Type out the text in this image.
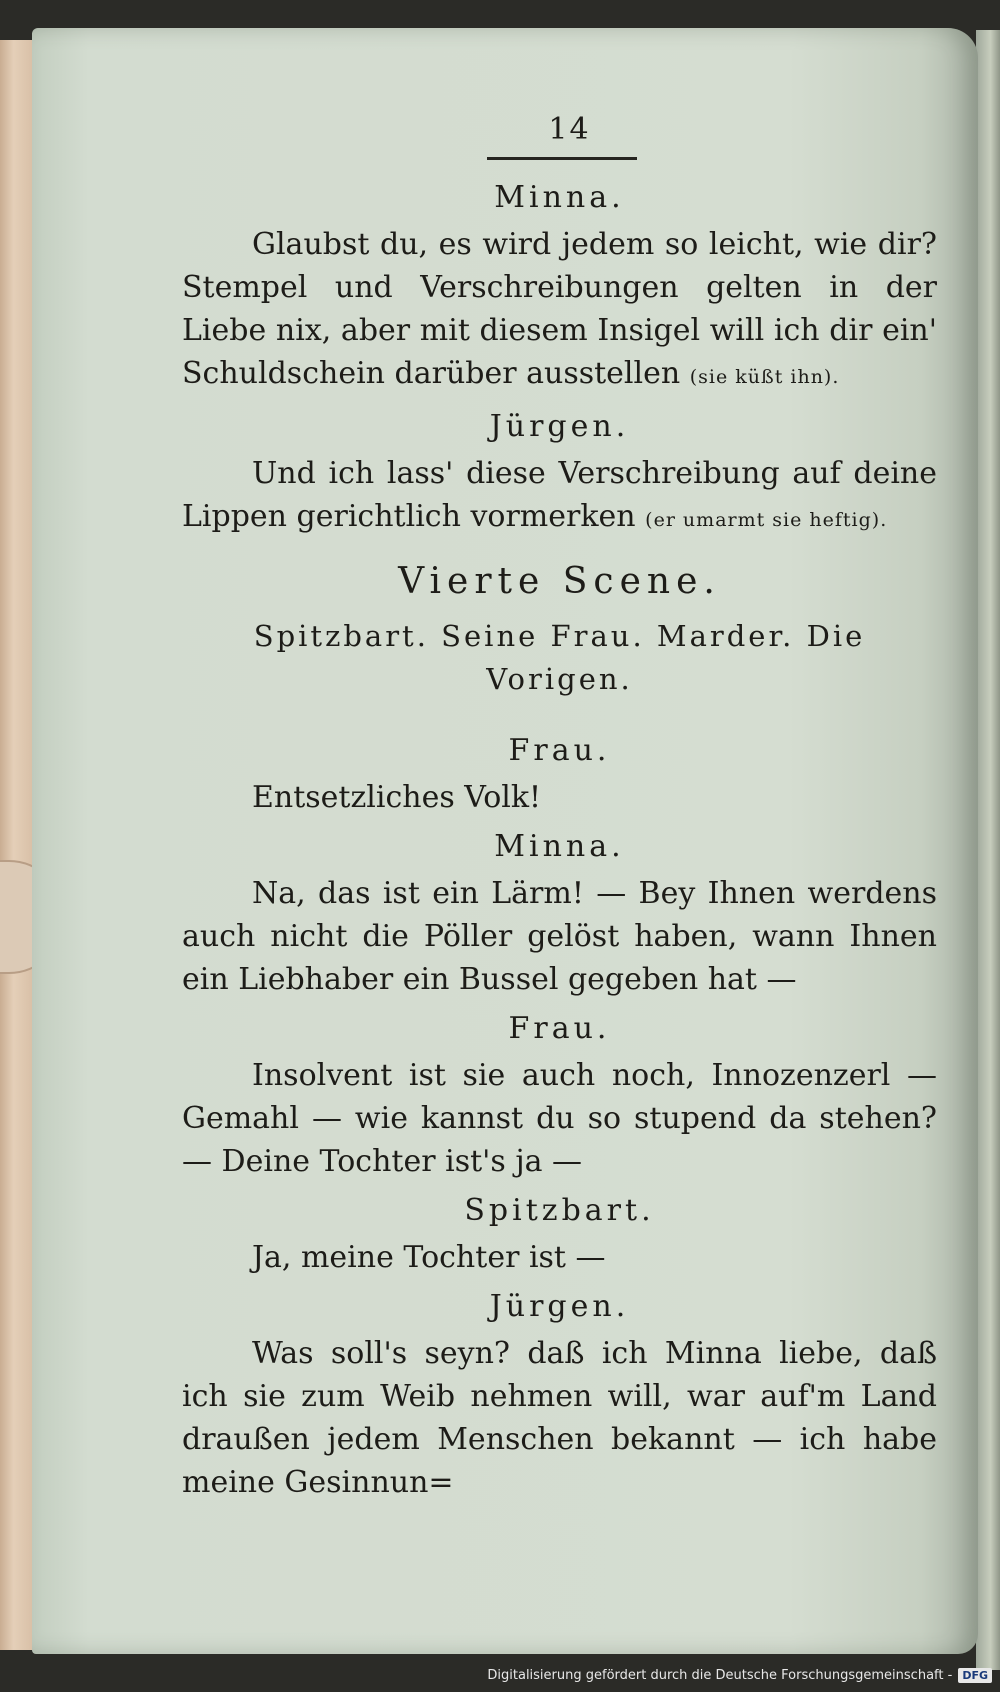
14
Minna.
Glaubst du, es wird jedem so leicht, wie dir? Stempel und Verschreibungen gelten in der Liebe nix, aber mit diesem Insigel will ich dir ein' Schuldschein darüber ausstellen (sie küßt ihn).
Jürgen.
Und ich lass' diese Verschreibung auf deine Lippen gerichtlich vormerken (er umarmt sie heftig).
Vierte Scene.
Spitzbart. Seine Frau. Marder. Die Vorigen.
Frau.
Entsetzliches Volk!
Minna.
Na, das ist ein Lärm! — Bey Ihnen werdens auch nicht die Pöller gelöst haben, wann Ihnen ein Liebhaber ein Bussel gegeben hat —
Frau.
Insolvent ist sie auch noch, Innozenzerl — Gemahl — wie kannst du so stupend da stehen? — Deine Tochter ist's ja —
Spitzbart.
Ja, meine Tochter ist —
Jürgen.
Was soll's seyn? daß ich Minna liebe, daß ich sie zum Weib nehmen will, war auf'm Land draußen jedem Menschen bekannt — ich habe meine Gesinnun=
Digitalisierung gefördert durch die Deutsche Forschungsgemeinschaft - DFG
